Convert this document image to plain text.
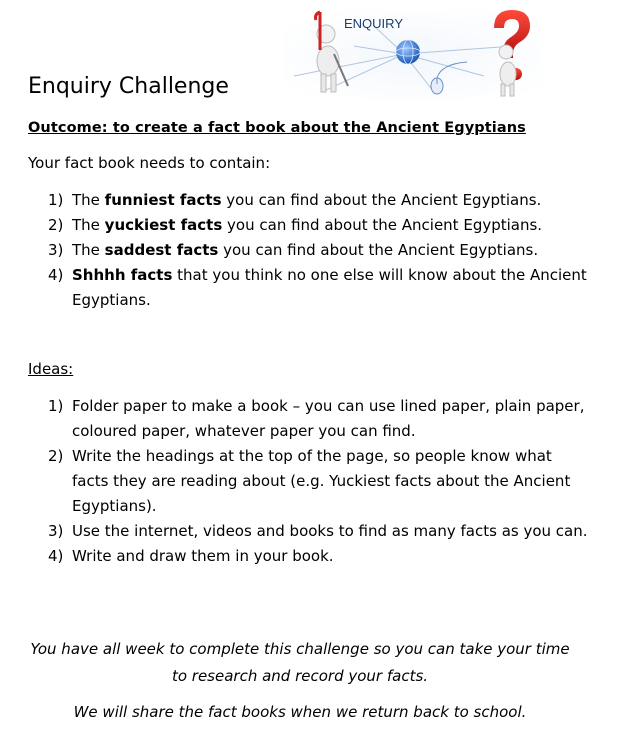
ENQUIRY
Enquiry Challenge
Outcome: to create a fact book about the Ancient Egyptians
Your fact book needs to contain:
1) The funniest facts you can find about the Ancient Egyptians.
2) The yuckiest facts you can find about the Ancient Egyptians.
3) The saddest facts you can find about the Ancient Egyptians.
4) Shhhh facts that you think no one else will know about the Ancient Egyptians.
Ideas:
1) Folder paper to make a book – you can use lined paper, plain paper, coloured paper, whatever paper you can find.
2) Write the headings at the top of the page, so people know what facts they are reading about (e.g. Yuckiest facts about the Ancient Egyptians).
3) Use the internet, videos and books to find as many facts as you can.
4) Write and draw them in your book.
You have all week to complete this challenge so you can take your time to research and record your facts.
We will share the fact books when we return back to school.
